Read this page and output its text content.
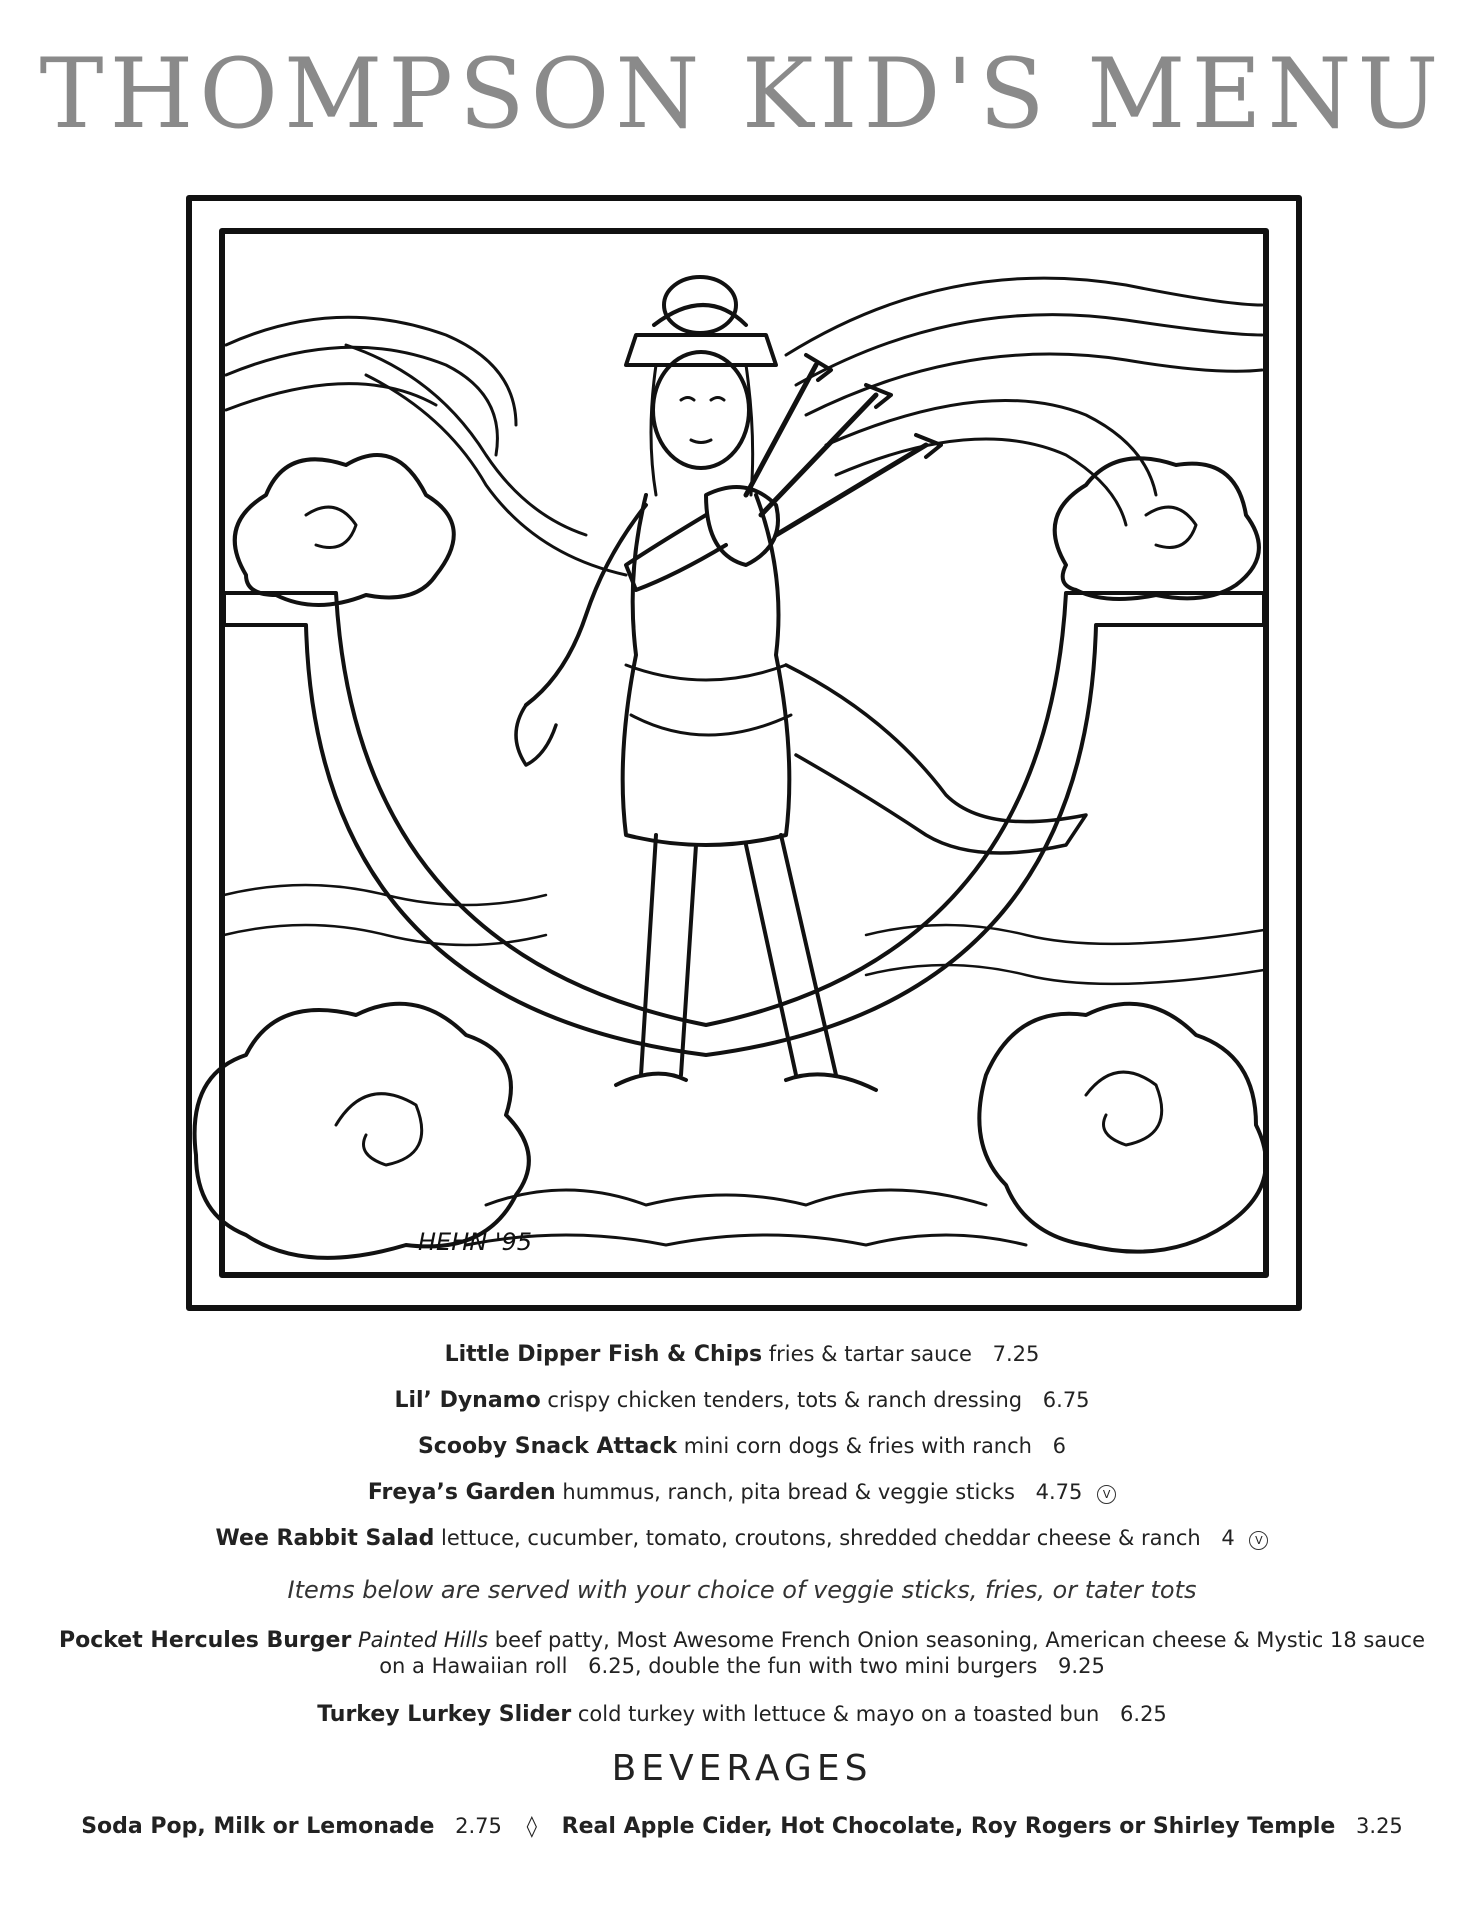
THOMPSON KID'S MENU
HEHN '95
Little Dipper Fish & Chips fries & tartar sauce 7.25
Lil’ Dynamo crispy chicken tenders, tots & ranch dressing 6.75
Scooby Snack Attack mini corn dogs & fries with ranch 6
Freya’s Garden hummus, ranch, pita bread & veggie sticks 4.75 V
Wee Rabbit Salad lettuce, cucumber, tomato, croutons, shredded cheddar cheese & ranch 4 V
Items below are served with your choice of veggie sticks, fries, or tater tots
Pocket Hercules Burger Painted Hills beef patty, Most Awesome French Onion seasoning, American cheese & Mystic 18 sauce
on a Hawaiian roll 6.25, double the fun with two mini burgers 9.25
Turkey Lurkey Slider cold turkey with lettuce & mayo on a toasted bun 6.25
BEVERAGES
Soda Pop, Milk or Lemonade 2.75 ◊ Real Apple Cider, Hot Chocolate, Roy Rogers or Shirley Temple 3.25
